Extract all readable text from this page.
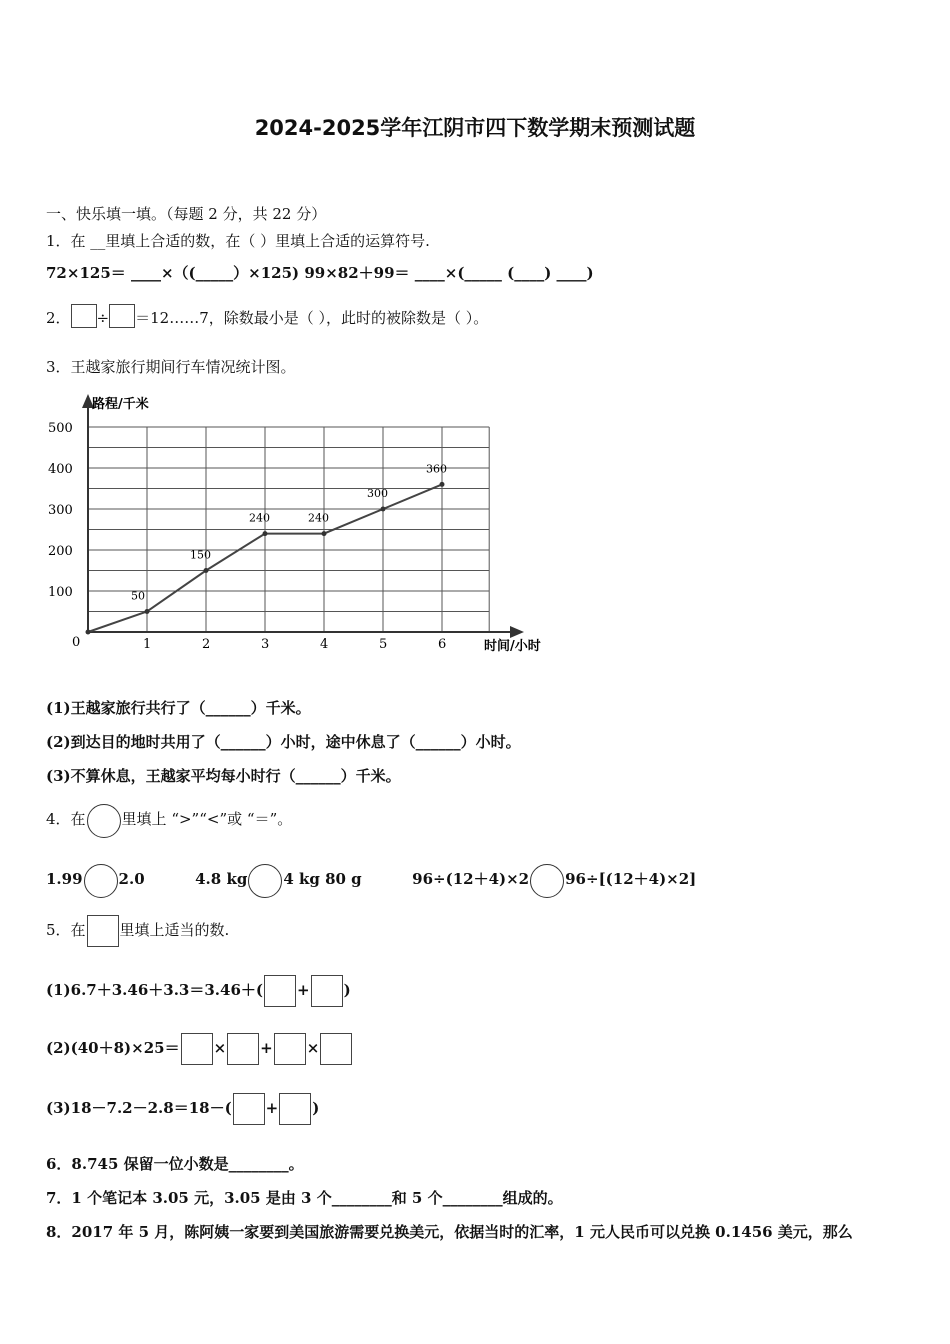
2024-2025学年江阴市四下数学期末预测试题
一、快乐填一填。（每题 2 分，共 22 分）
1．在 __里填上合适的数，在（ ）里填上合适的运算符号.
72×125＝ ____×（(_____）×125) 99×82＋99＝ ____×(_____ (____) ____)
2． ÷ ＝12……7，除数最小是（ ），此时的被除数是（ ）。
3．王越家旅行期间行车情况统计图。
路程/千米
时间/小时
0
100
200
300
400
500
1	2	3	4	5	6
50
150
240	240
300
360
(1)王越家旅行共行了（______）千米。
(2)到达目的地时共用了（______）小时，途中休息了（______）小时。
(3)不算休息，王越家平均每小时行（______）千米。
4．在 里填上 “>”“<”或 “＝”。
1.99 2.0	4.8 kg 4 kg 80 g	96÷(12＋4)×2 96÷[(12＋4)×2]
5．在 里填上适当的数.
(1)6.7＋3.46＋3.3＝3.46＋( + )
(2)(40＋8)×25＝ × + ×
(3)18－7.2－2.8＝18－( + )
6．8.745 保留一位小数是________。
7．1 个笔记本 3.05 元，3.05 是由 3 个________和 5 个________组成的。
8．2017 年 5 月，陈阿姨一家要到美国旅游需要兑换美元，依据当时的汇率，1 元人民币可以兑换 0.1456 美元，那么
